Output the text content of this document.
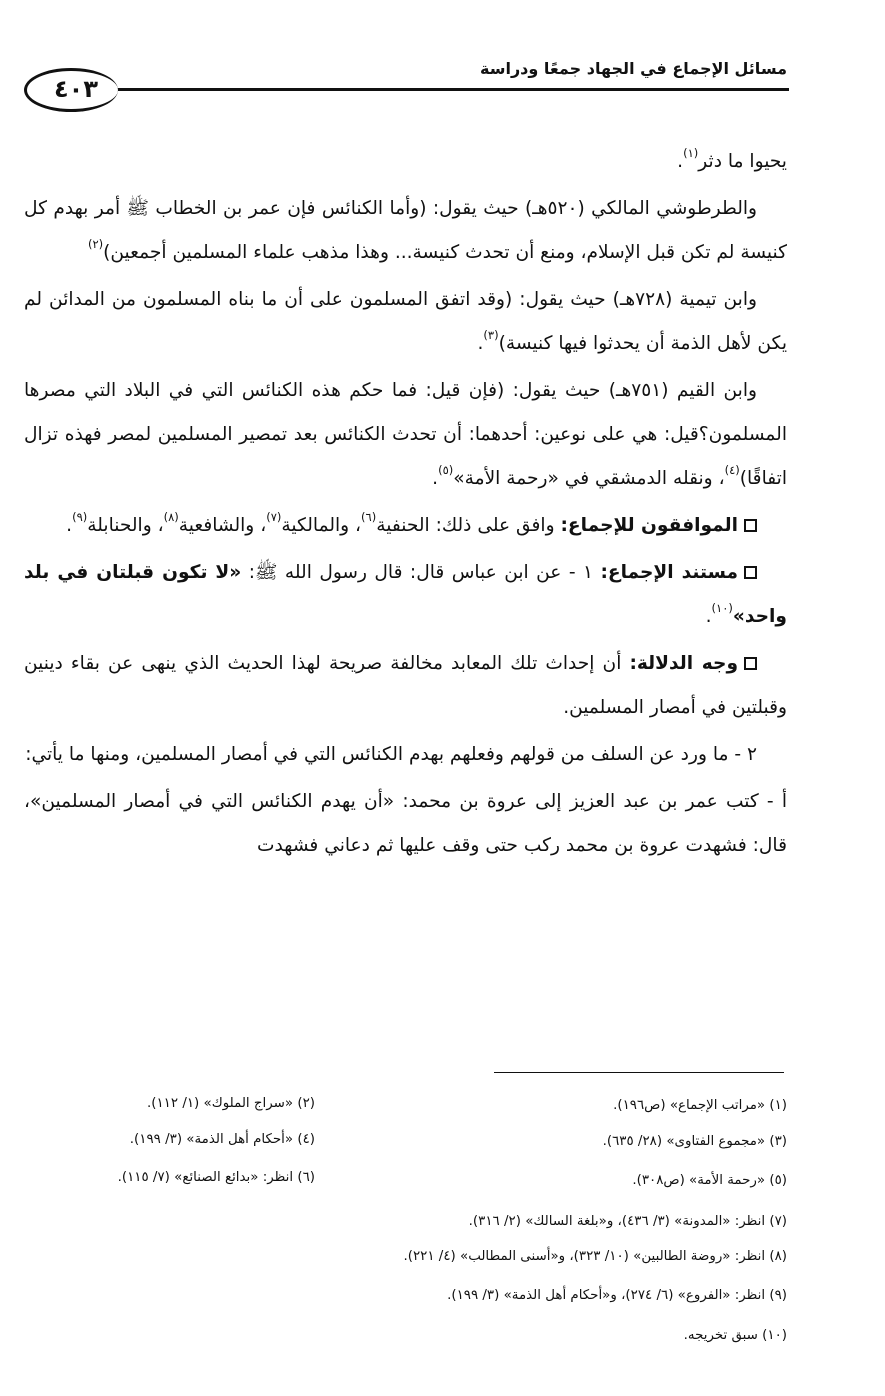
مسائل الإجماع في الجهاد جمعًا ودراسة
٤٠٣

يحيوا ما دثر$^{(١)}$.

والطرطوشي المالكي (٥٢٠هـ) حيث يقول: (وأما الكنائس فإن عمر بن الخطاب ﷺ أمر بهدم كل كنيسة لم تكن قبل الإسلام، ومنع أن تحدث كنيسة... وهذا مذهب علماء المسلمين أجمعين)$^{(٢)}$

وابن تيمية (٧٢٨هـ) حيث يقول: (وقد اتفق المسلمون على أن ما بناه المسلمون من المدائن لم يكن لأهل الذمة أن يحدثوا فيها كنيسة)$^{(٣)}$.

وابن القيم (٧٥١هـ) حيث يقول: (فإن قيل: فما حكم هذه الكنائس التي في البلاد التي مصرها المسلمون؟قيل: هي على نوعين: أحدهما: أن تحدث الكنائس بعد تمصير المسلمين لمصر فهذه تزال اتفاقًا)$^{(٤)}$، ونقله الدمشقي في «رحمة الأمة»$^{(٥)}$.

الموافقون للإجماع: وافق على ذلك: الحنفية$^{(٦)}$، والمالكية$^{(٧)}$، والشافعية$^{(٨)}$، والحنابلة$^{(٩)}$.

مستند الإجماع: ١ - عن ابن عباس قال: قال رسول الله ﷺ: «لا تكون قبلتان في بلد واحد»$^{(١٠)}$.

وجه الدلالة: أن إحداث تلك المعابد مخالفة صريحة لهذا الحديث الذي ينهى عن بقاء دينين وقبلتين في أمصار المسلمين.

٢ - ما ورد عن السلف من قولهم وفعلهم بهدم الكنائس التي في أمصار المسلمين، ومنها ما يأتي:

أ - كتب عمر بن عبد العزيز إلى عروة بن محمد: «أن يهدم الكنائس التي في أمصار المسلمين»، قال: فشهدت عروة بن محمد ركب حتى وقف عليها ثم دعاني فشهدت

(١) «مراتب الإجماع» (ص١٩٦).
(٢) «سراج الملوك» (١/ ١١٢).
(٣) «مجموع الفتاوى» (٢٨/ ٦٣٥).
(٤) «أحكام أهل الذمة» (٣/ ١٩٩).
(٥) «رحمة الأمة» (ص٣٠٨).
(٦) انظر: «بدائع الصنائع» (٧/ ١١٥).
(٧) انظر: «المدونة» (٣/ ٤٣٦)، و«بلغة السالك» (٢/ ٣١٦).
(٨) انظر: «روضة الطالبين» (١٠/ ٣٢٣)، و«أسنى المطالب» (٤/ ٢٢١).
(٩) انظر: «الفروع» (٦/ ٢٧٤)، و«أحكام أهل الذمة» (٣/ ١٩٩).
(١٠) سبق تخريجه.
